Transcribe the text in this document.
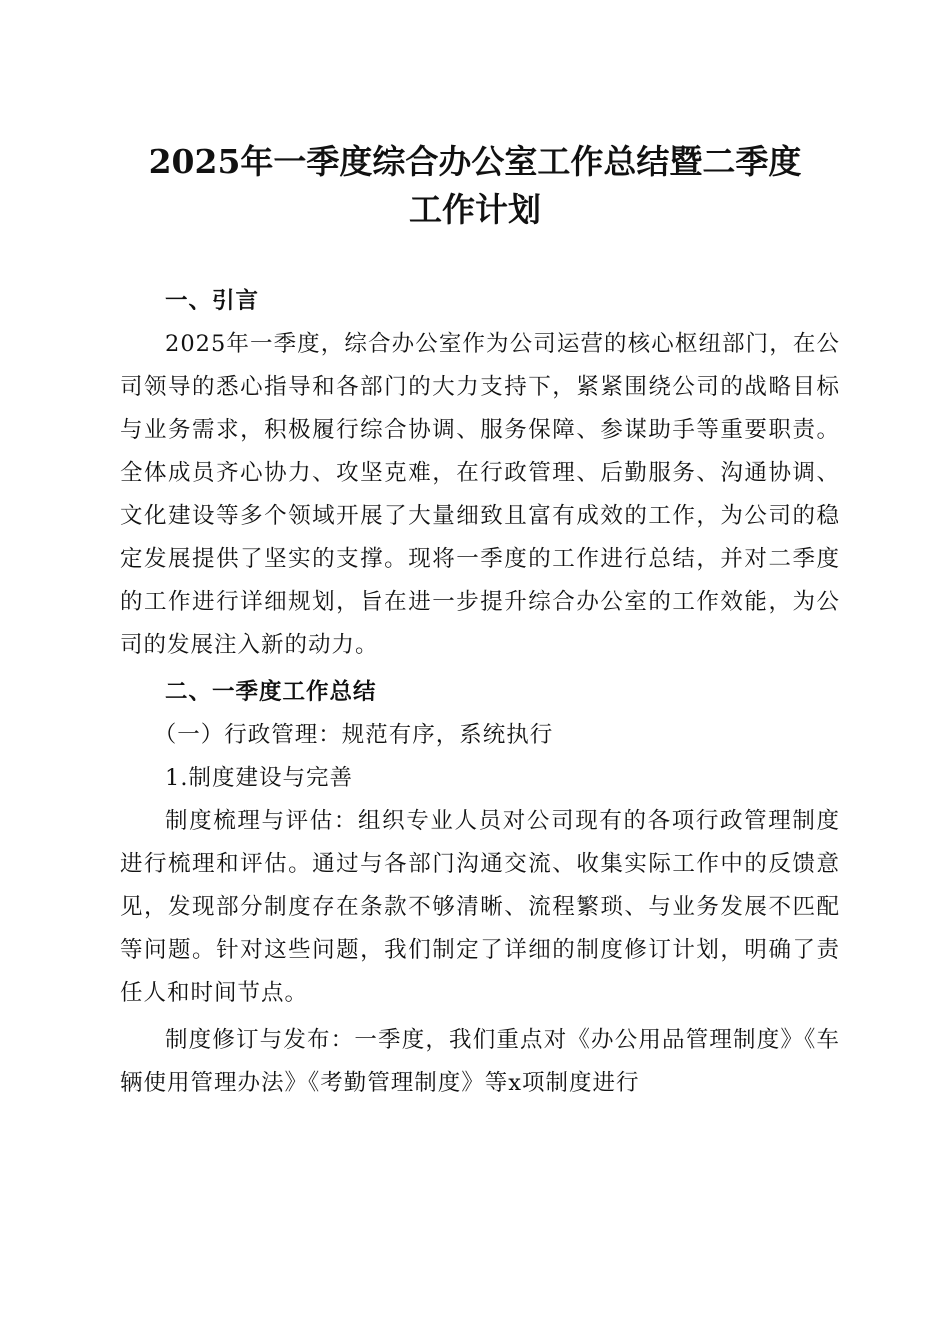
2025年一季度综合办公室工作总结暨二季度
工作计划
一、引言

2025年一季度，综合办公室作为公司运营的核心枢纽部门，在公司领导的悉心指导和各部门的大力支持下，紧紧围绕公司的战略目标与业务需求，积极履行综合协调、服务保障、参谋助手等重要职责。全体成员齐心协力、攻坚克难，在行政管理、后勤服务、沟通协调、文化建设等多个领域开展了大量细致且富有成效的工作，为公司的稳定发展提供了坚实的支撑。现将一季度的工作进行总结，并对二季度的工作进行详细规划，旨在进一步提升综合办公室的工作效能，为公司的发展注入新的动力。

二、一季度工作总结
（一）行政管理：规范有序，系统执行
1.制度建设与完善

制度梳理与评估：组织专业人员对公司现有的各项行政管理制度进行梳理和评估。通过与各部门沟通交流、收集实际工作中的反馈意见，发现部分制度存在条款不够清晰、流程繁琐、与业务发展不匹配等问题。针对这些问题，我们制定了详细的制度修订计划，明确了责任人和时间节点。

制度修订与发布：一季度，我们重点对《办公用品管理制度》《车辆使用管理办法》《考勤管理制度》等x项制度进行
